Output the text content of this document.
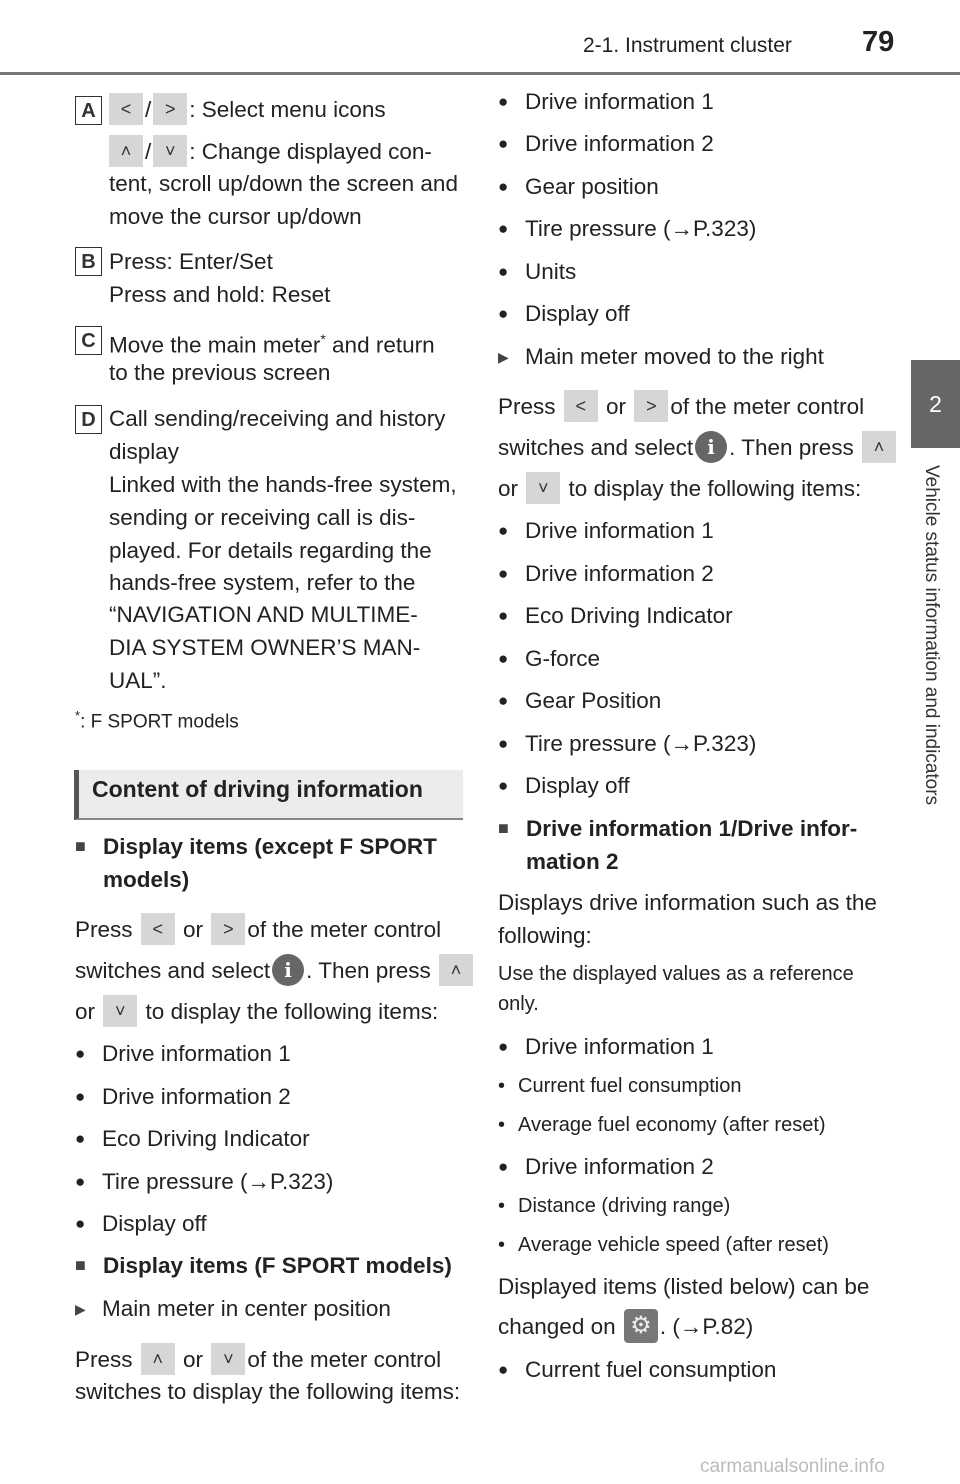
2-1. Instrument cluster 79
2
Vehicle status information and indicators
A	< / > : Select menu icons
˄ / ˅ : Change displayed con-
tent, scroll up/down the screen and
move the cursor up/down
B Press: Enter/Set
Press and hold: Reset
C Move the main meter* and return
to the previous screen
D Call sending/receiving and history
display
Linked with the hands-free system,
sending or receiving call is dis-
played. For details regarding the
hands-free system, refer to the
“NAVIGATION AND MULTIME-
DIA SYSTEM OWNER’S MAN-
UAL”.
*: F SPORT models
Content of driving information
■ Display items (except F SPORT
models)
Press < or > of the meter control
switches and select i . Then press ˄
or ˅ to display the following items:
● Drive information 1
● Drive information 2
● Eco Driving Indicator
● Tire pressure (→P.323)
● Display off
■ Display items (F SPORT models)
▶ Main meter in center position
Press ˄ or ˅ of the meter control
switches to display the following items:
● Drive information 1
● Drive information 2
● Gear position
● Tire pressure (→P.323)
● Units
● Display off
▶ Main meter moved to the right
Press < or > of the meter control
switches and select i . Then press ˄
or ˅ to display the following items:
● Drive information 1
● Drive information 2
● Eco Driving Indicator
● G-force
● Gear Position
● Tire pressure (→P.323)
● Display off
■ Drive information 1/Drive infor-
mation 2
Displays drive information such as the
following:
Use the displayed values as a reference
only.
● Drive information 1
• Current fuel consumption
• Average fuel economy (after reset)
● Drive information 2
• Distance (driving range)
• Average vehicle speed (after reset)
Displayed items (listed below) can be
changed on ⚙ . (→P.82)
● Current fuel consumption
carmanualsonline.info
